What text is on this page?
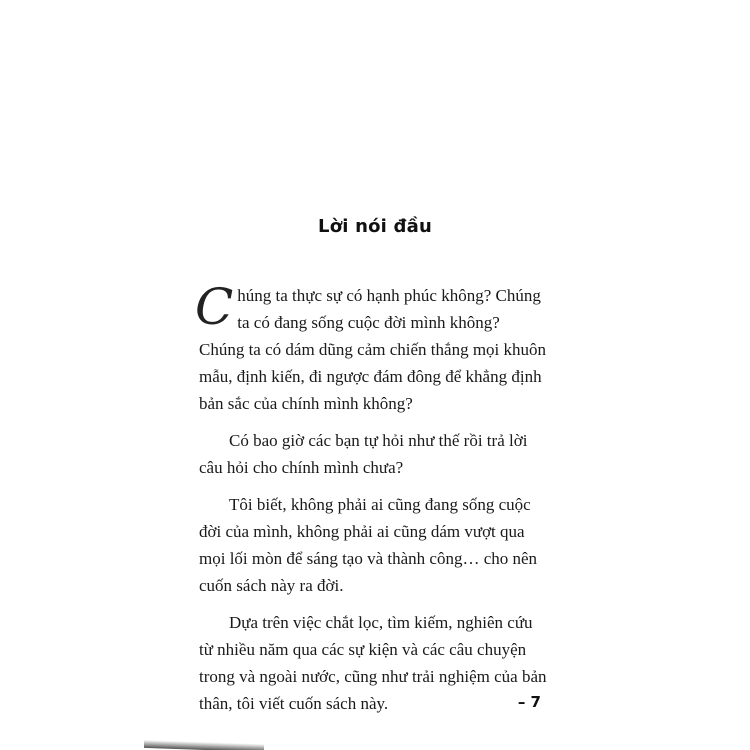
Lời nói đầu

Chúng ta thực sự có hạnh phúc không? Chúng ta có đang sống cuộc đời mình không? Chúng ta có dám dũng cảm chiến thắng mọi khuôn mẫu, định kiến, đi ngược đám đông để khẳng định bản sắc của chính mình không?

Có bao giờ các bạn tự hỏi như thế rồi trả lời câu hỏi cho chính mình chưa?

Tôi biết, không phải ai cũng đang sống cuộc đời của mình, không phải ai cũng dám vượt qua mọi lối mòn để sáng tạo và thành công… cho nên cuốn sách này ra đời.

Dựa trên việc chắt lọc, tìm kiếm, nghiên cứu từ nhiều năm qua các sự kiện và các câu chuyện trong và ngoài nước, cũng như trải nghiệm của bản thân, tôi viết cuốn sách này.	– 7
